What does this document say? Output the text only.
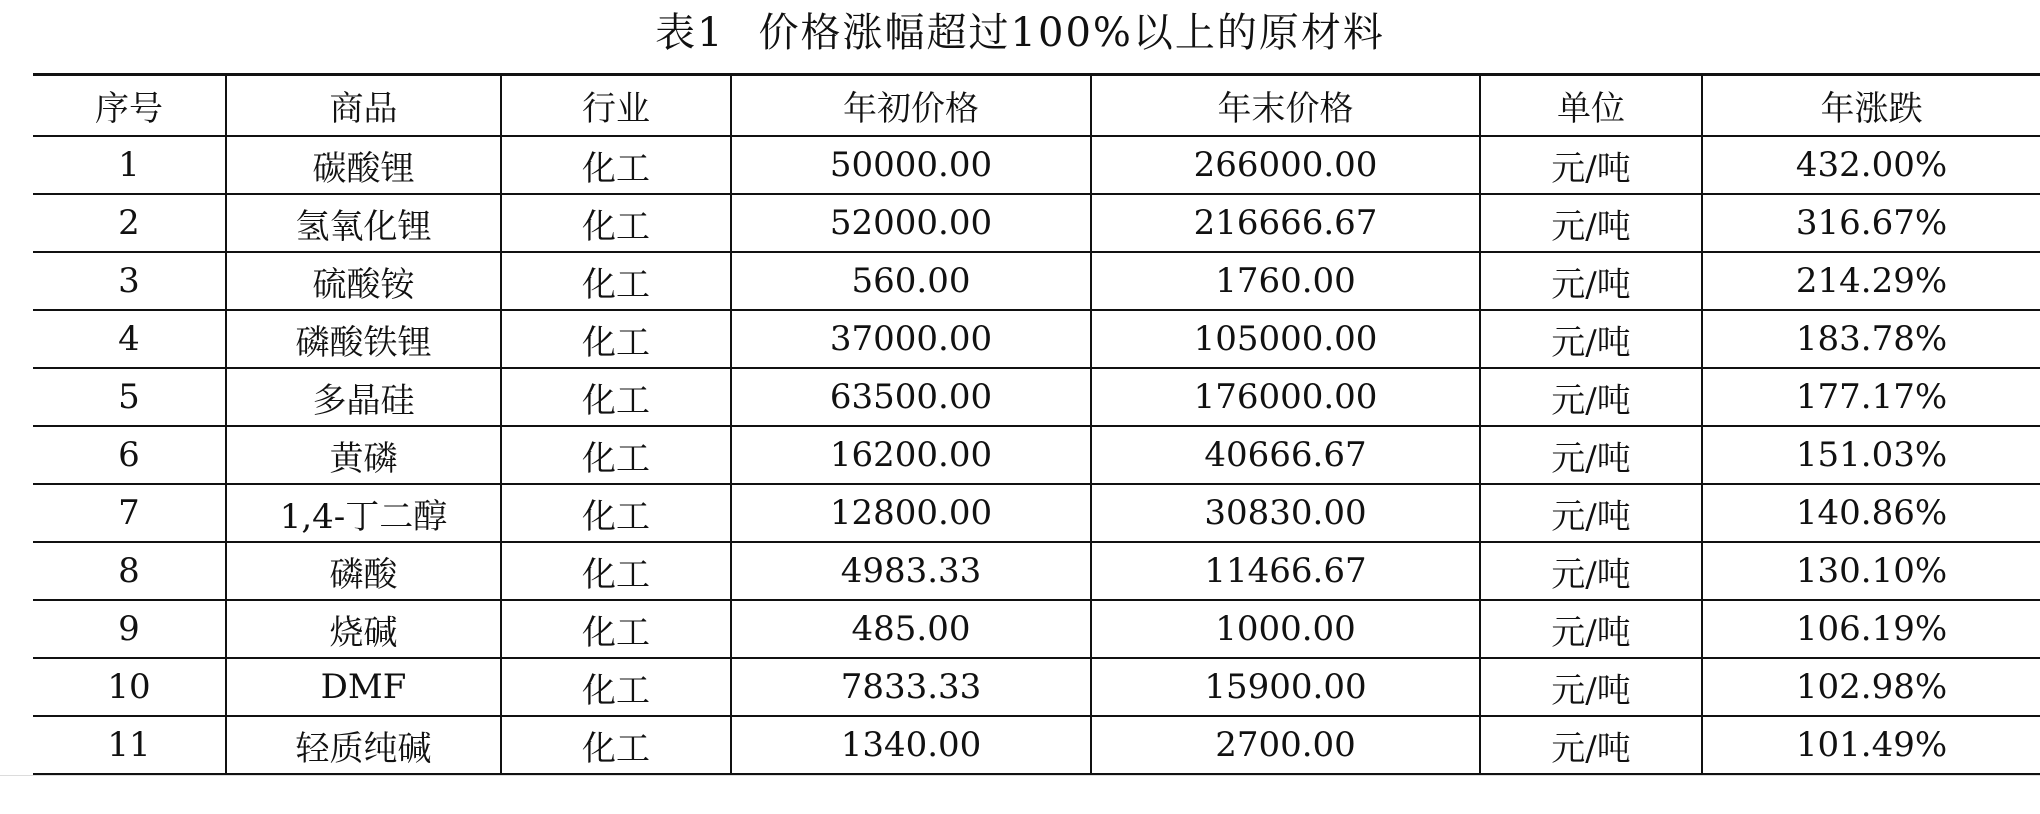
表1 价格涨幅超过100%以上的原材料
序号	商品	行业	年初价格	年末价格	单位	年涨跌
1	碳酸锂	化工	50000.00	266000.00	元/吨	432.00%
2	氢氧化锂	化工	52000.00	216666.67	元/吨	316.67%
3	硫酸铵	化工	560.00	1760.00	元/吨	214.29%
4	磷酸铁锂	化工	37000.00	105000.00	元/吨	183.78%
5	多晶硅	化工	63500.00	176000.00	元/吨	177.17%
6	黄磷	化工	16200.00	40666.67	元/吨	151.03%
7	1,4-丁二醇	化工	12800.00	30830.00	元/吨	140.86%
8	磷酸	化工	4983.33	11466.67	元/吨	130.10%
9	烧碱	化工	485.00	1000.00	元/吨	106.19%
10	DMF	化工	7833.33	15900.00	元/吨	102.98%
11	轻质纯碱	化工	1340.00	2700.00	元/吨	101.49%
